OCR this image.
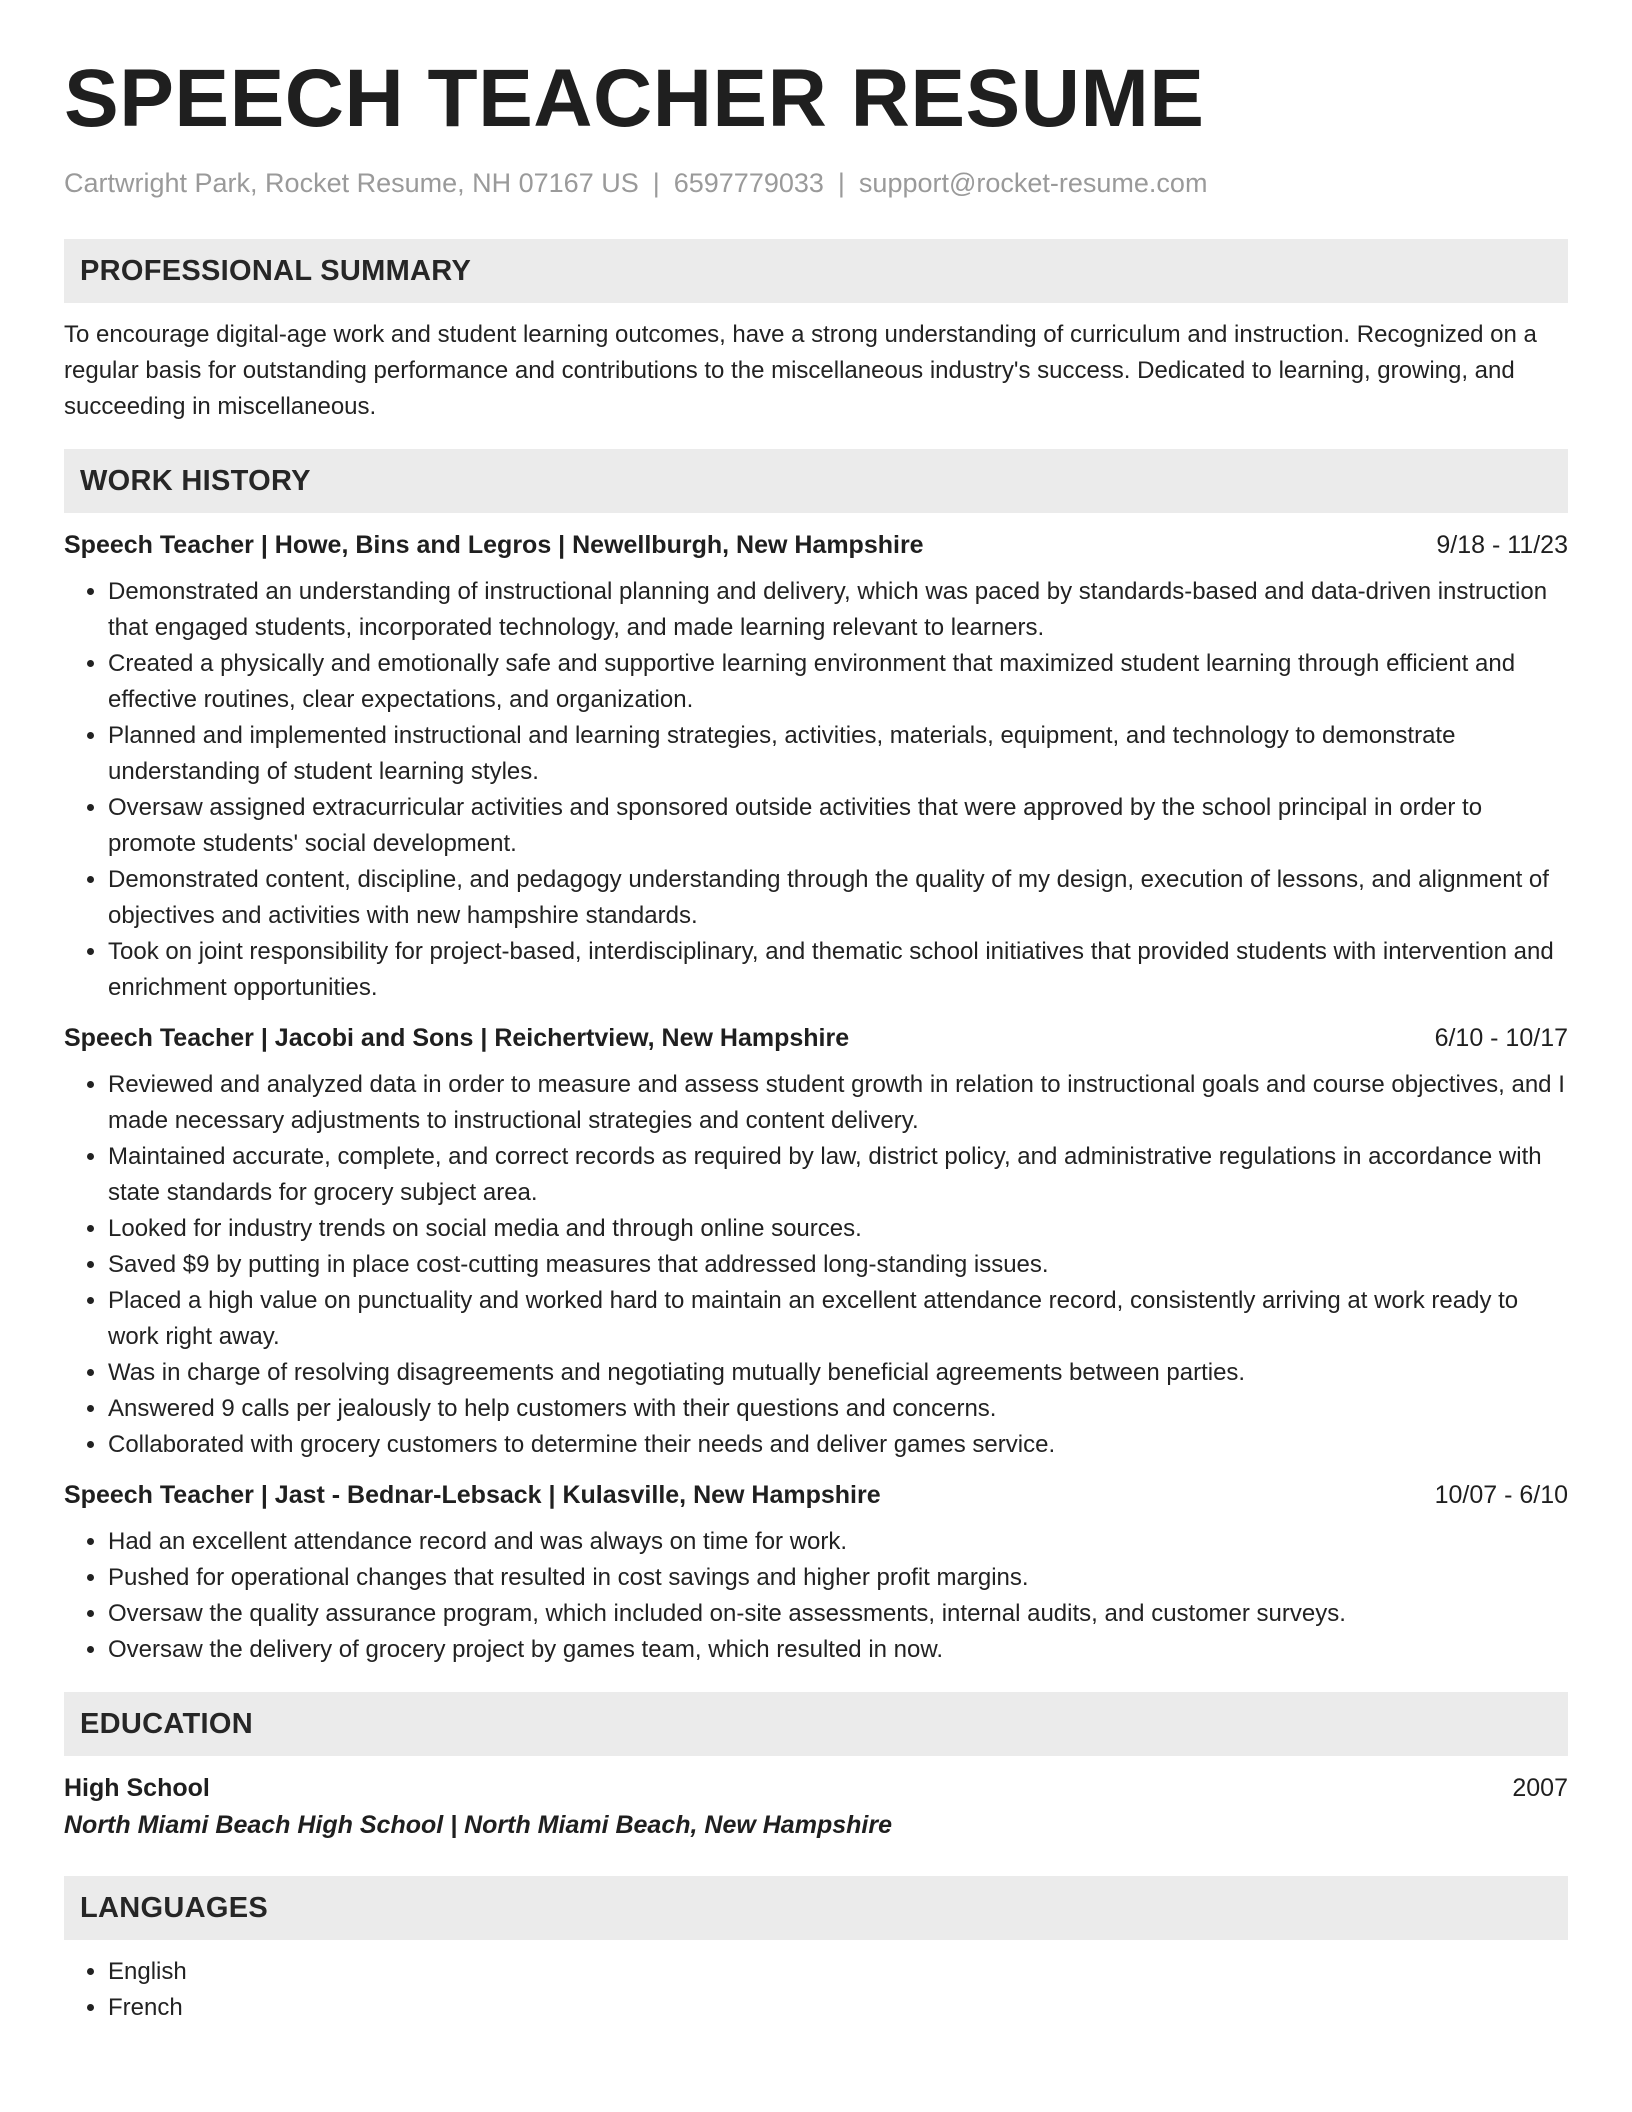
SPEECH TEACHER RESUME
Cartwright Park, Rocket Resume, NH 07167 US | 6597779033 | support@rocket-resume.com
PROFESSIONAL SUMMARY

To encourage digital-age work and student learning outcomes, have a strong understanding of curriculum and instruction. Recognized on a regular basis for outstanding performance and contributions to the miscellaneous industry's success. Dedicated to learning, growing, and succeeding in miscellaneous.

WORK HISTORY
Speech Teacher | Howe, Bins and Legros | Newellburgh, New Hampshire	9/18 - 11/23
• Demonstrated an understanding of instructional planning and delivery, which was paced by standards-based and data-driven instruction that engaged students, incorporated technology, and made learning relevant to learners.
• Created a physically and emotionally safe and supportive learning environment that maximized student learning through efficient and effective routines, clear expectations, and organization.
• Planned and implemented instructional and learning strategies, activities, materials, equipment, and technology to demonstrate understanding of student learning styles.
• Oversaw assigned extracurricular activities and sponsored outside activities that were approved by the school principal in order to promote students' social development.
• Demonstrated content, discipline, and pedagogy understanding through the quality of my design, execution of lessons, and alignment of objectives and activities with new hampshire standards.
• Took on joint responsibility for project-based, interdisciplinary, and thematic school initiatives that provided students with intervention and enrichment opportunities.
Speech Teacher | Jacobi and Sons | Reichertview, New Hampshire	6/10 - 10/17
• Reviewed and analyzed data in order to measure and assess student growth in relation to instructional goals and course objectives, and I made necessary adjustments to instructional strategies and content delivery.
• Maintained accurate, complete, and correct records as required by law, district policy, and administrative regulations in accordance with state standards for grocery subject area.
• Looked for industry trends on social media and through online sources.
• Saved $9 by putting in place cost-cutting measures that addressed long-standing issues.
• Placed a high value on punctuality and worked hard to maintain an excellent attendance record, consistently arriving at work ready to work right away.
• Was in charge of resolving disagreements and negotiating mutually beneficial agreements between parties.
• Answered 9 calls per jealously to help customers with their questions and concerns.
• Collaborated with grocery customers to determine their needs and deliver games service.
Speech Teacher | Jast - Bednar-Lebsack | Kulasville, New Hampshire	10/07 - 6/10
• Had an excellent attendance record and was always on time for work.
• Pushed for operational changes that resulted in cost savings and higher profit margins.
• Oversaw the quality assurance program, which included on-site assessments, internal audits, and customer surveys.
• Oversaw the delivery of grocery project by games team, which resulted in now.
EDUCATION
High School	2007
North Miami Beach High School | North Miami Beach, New Hampshire
LANGUAGES
• English
• French
